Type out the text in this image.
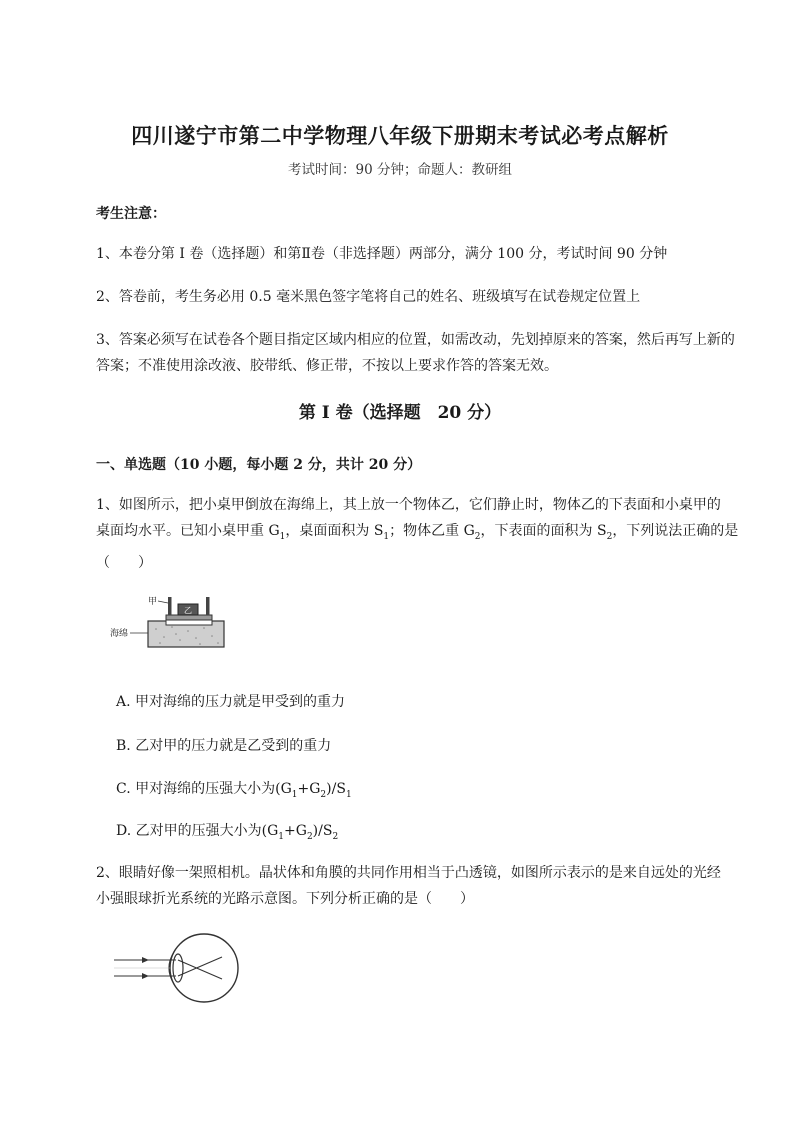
四川遂宁市第二中学物理八年级下册期末考试必考点解析
考试时间：90 分钟；命题人：教研组
考生注意：
1、本卷分第 I 卷（选择题）和第Ⅱ卷（非选择题）两部分，满分 100 分，考试时间 90 分钟
2、答卷前，考生务必用 0.5 毫米黑色签字笔将自己的姓名、班级填写在试卷规定位置上
3、答案必须写在试卷各个题目指定区域内相应的位置，如需改动，先划掉原来的答案，然后再写上新的答案；不准使用涂改液、胶带纸、修正带，不按以上要求作答的答案无效。
第 I 卷（选择题　20 分）
一、单选题（10 小题，每小题 2 分，共计 20 分）
1、如图所示，把小桌甲倒放在海绵上，其上放一个物体乙，它们静止时，物体乙的下表面和小桌甲的
桌面均水平。已知小桌甲重 $G_1$，桌面面积为 $S_1$；物体乙重 $G_2$，下表面的面积为 $S_2$，下列说法正确的是
（　　）
乙
甲
海绵
A. 甲对海绵的压力就是甲受到的重力
B. 乙对甲的压力就是乙受到的重力
C. 甲对海绵的压强大小为$(G_1+G_2)/S_1$
D. 乙对甲的压强大小为$(G_1+G_2)/S_2$
2、眼睛好像一架照相机。晶状体和角膜的共同作用相当于凸透镜，如图所示表示的是来自远处的光经
小强眼球折光系统的光路示意图。下列分析正确的是（　　）
